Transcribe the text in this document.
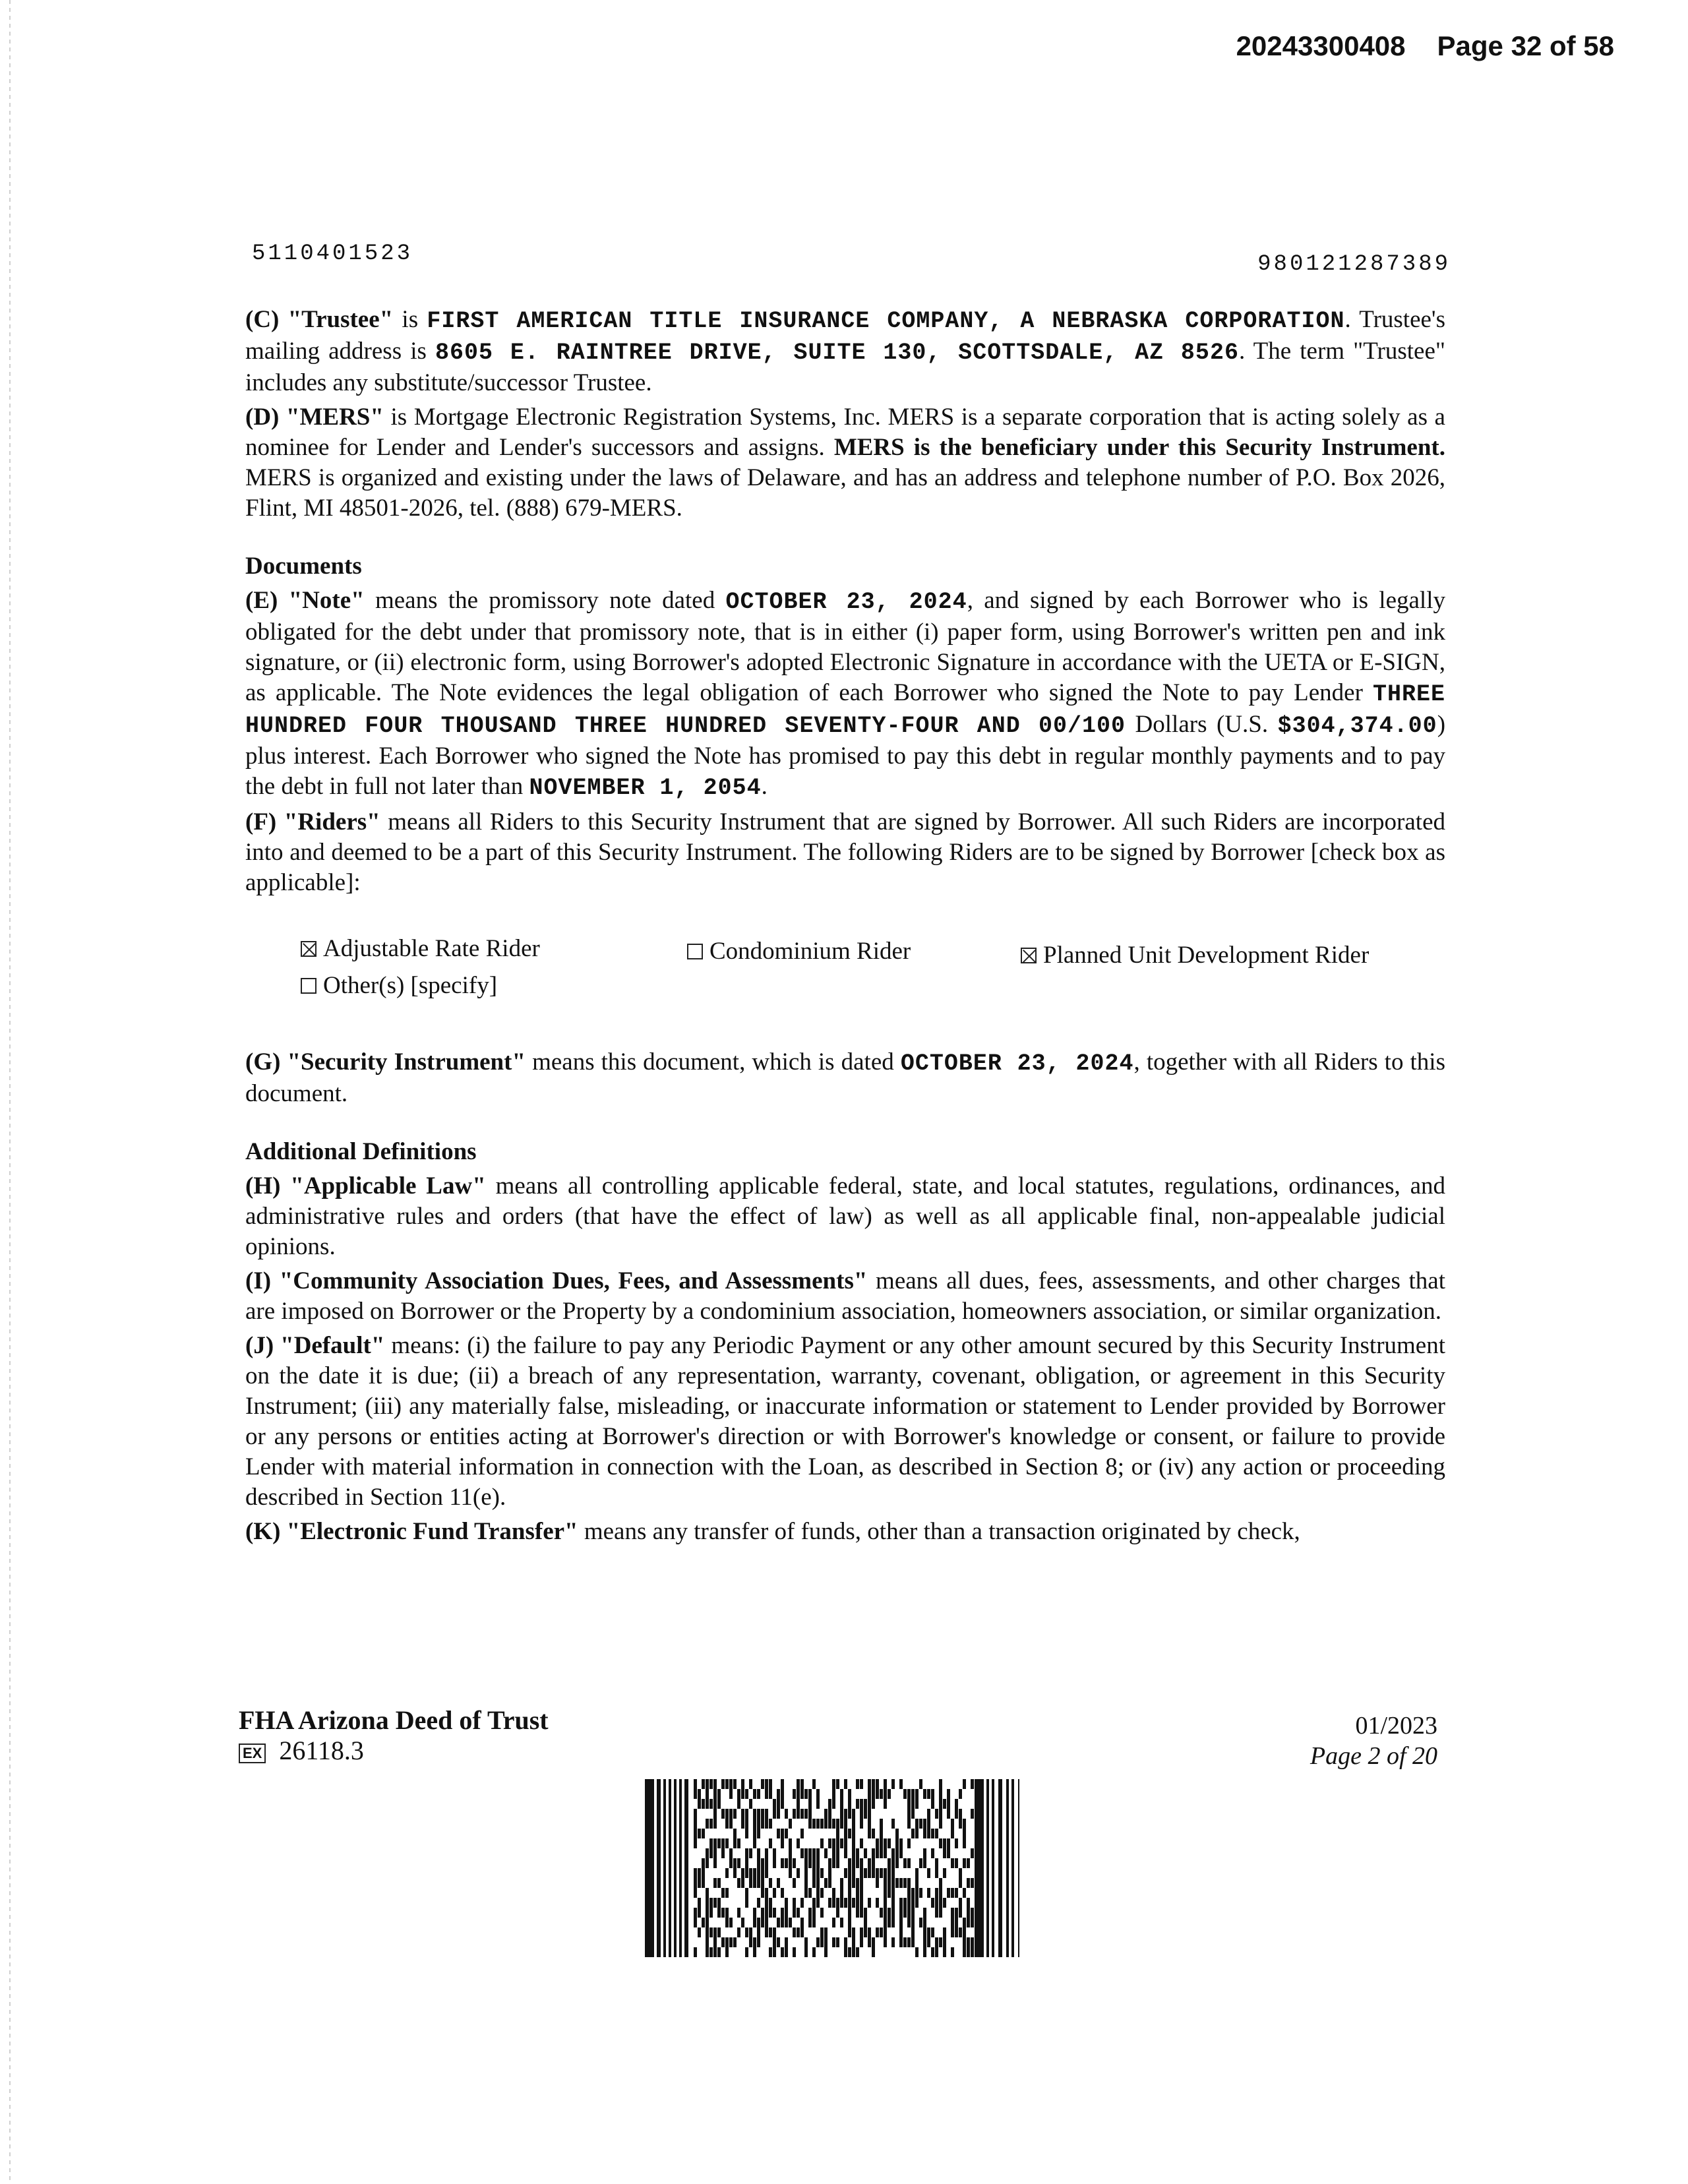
20243300408 Page 32 of 58
5110401523	980121287389

(C) "Trustee" is FIRST AMERICAN TITLE INSURANCE COMPANY, A NEBRASKA CORPORATION. Trustee's mailing address is 8605 E. RAINTREE DRIVE, SUITE 130, SCOTTSDALE, AZ 8526. The term "Trustee" includes any substitute/successor Trustee.

(D) "MERS" is Mortgage Electronic Registration Systems, Inc. MERS is a separate corporation that is acting solely as a nominee for Lender and Lender's successors and assigns. MERS is the beneficiary under this Security Instrument. MERS is organized and existing under the laws of Delaware, and has an address and telephone number of P.O. Box 2026, Flint, MI 48501-2026, tel. (888) 679-MERS.

Documents

(E) "Note" means the promissory note dated OCTOBER 23, 2024, and signed by each Borrower who is legally obligated for the debt under that promissory note, that is in either (i) paper form, using Borrower's written pen and ink signature, or (ii) electronic form, using Borrower's adopted Electronic Signature in accordance with the UETA or E-SIGN, as applicable. The Note evidences the legal obligation of each Borrower who signed the Note to pay Lender THREE HUNDRED FOUR THOUSAND THREE HUNDRED SEVENTY-FOUR AND 00/100 Dollars (U.S. $304,374.00) plus interest. Each Borrower who signed the Note has promised to pay this debt in regular monthly payments and to pay the debt in full not later than NOVEMBER 1, 2054.

(F) "Riders" means all Riders to this Security Instrument that are signed by Borrower. All such Riders are incorporated into and deemed to be a part of this Security Instrument. The following Riders are to be signed by Borrower [check box as applicable]:

Adjustable Rate Rider	Condominium Rider	Planned Unit Development Rider
Other(s) [specify]

(G) "Security Instrument" means this document, which is dated OCTOBER 23, 2024, together with all Riders to this document.

Additional Definitions

(H) "Applicable Law" means all controlling applicable federal, state, and local statutes, regulations, ordinances, and administrative rules and orders (that have the effect of law) as well as all applicable final, non-appealable judicial opinions.

(I) "Community Association Dues, Fees, and Assessments" means all dues, fees, assessments, and other charges that are imposed on Borrower or the Property by a condominium association, homeowners association, or similar organization.

(J) "Default" means: (i) the failure to pay any Periodic Payment or any other amount secured by this Security Instrument on the date it is due; (ii) a breach of any representation, warranty, covenant, obligation, or agreement in this Security Instrument; (iii) any materially false, misleading, or inaccurate information or statement to Lender provided by Borrower or any persons or entities acting at Borrower's direction or with Borrower's knowledge or consent, or failure to provide Lender with material information in connection with the Loan, as described in Section 8; or (iv) any action or proceeding described in Section 11(e).

(K) "Electronic Fund Transfer" means any transfer of funds, other than a transaction originated by check,

FHA Arizona Deed of Trust
EX 26118.3
01/2023
Page 2 of 20
